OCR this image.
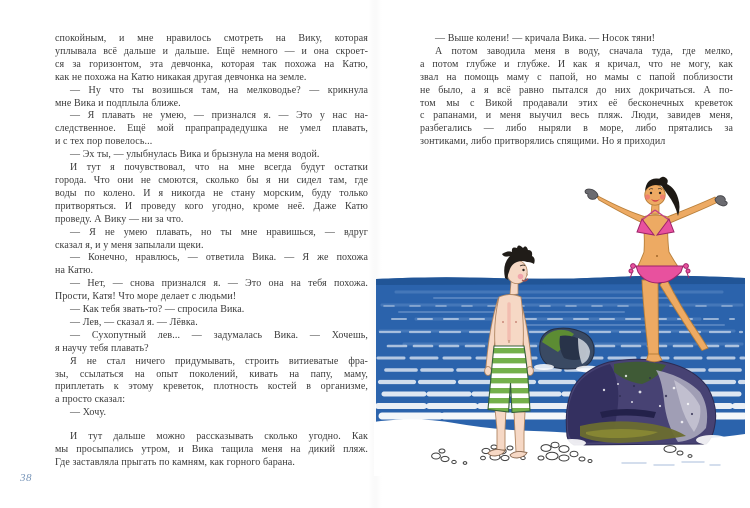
спокойным, и мне нравилось смотреть на Вику, которая
уплывала всё дальше и дальше. Ещё немного — и она скроет-
ся за горизонтом, эта девчонка, которая так похожа на Катю,
как не похожа на Катю никакая другая девчонка на земле.
— Ну что ты возишься там, на мелководье? — крикнула
мне Вика и подплыла ближе.
— Я плавать не умею, — признался я. — Это у нас на-
следственное. Ещё мой прапрапрадедушка не умел плавать,
и с тех пор повелось...
— Эх ты, — улыбнулась Вика и брызнула на меня водой.
И тут я почувствовал, что на мне всегда будут остатки
города. Что они не смоются, сколько бы я ни сидел там, где
воды по колено. И я никогда не стану морским, буду только
притворяться. И проведу кого угодно, кроме неё. Даже Катю
проведу. А Вику — ни за что.
— Я не умею плавать, но ты мне нравишься, — вдруг
сказал я, и у меня запылали щеки.
— Конечно, нравлюсь, — ответила Вика. — Я же похожа
на Катю.
— Нет, — снова признался я. — Это она на тебя похожа.
Прости, Катя! Что море делает с людьми!
— Как тебя звать-то? — спросила Вика.
— Лев, — сказал я. — Лёвка.
— Сухопутный лев... — задумалась Вика. — Хочешь,
я научу тебя плавать?
Я не стал ничего придумывать, строить витиеватые фра-
зы, ссылаться на опыт поколений, кивать на папу, маму,
приплетать к этому креветок, плотность костей в организме,
а просто сказал:
— Хочу.
И тут дальше можно рассказывать сколько угодно. Как
мы просыпались утром, и Вика тащила меня на дикий пляж.
Где заставляла прыгать по камням, как горного барана.
38
— Выше колени! — кричала Вика. — Носок тяни!
А потом заводила меня в воду, сначала туда, где мелко,
а потом глубже и глубже. И как я кричал, что не могу, как
звал на помощь маму с папой, но мамы с папой поблизости
не было, а я всё равно пытался до них докричаться. А по-
том мы с Викой продавали этих её бесконечных креветок
с рапанами, и меня выучил весь пляж. Люди, завидев меня,
разбегались — либо ныряли в море, либо прятались за
зонтиками, либо притворялись спящими. Но я приходил
